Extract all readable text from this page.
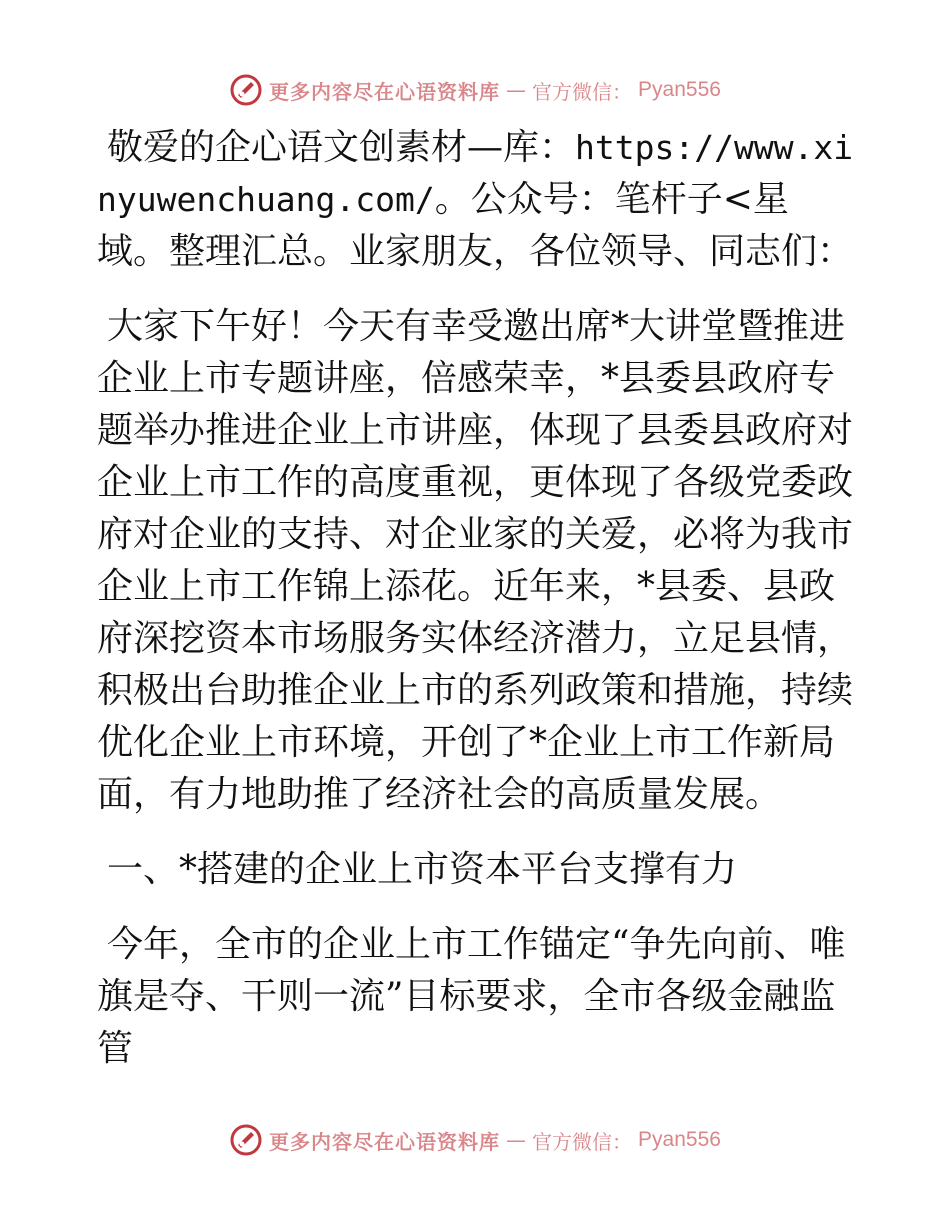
更多内容尽在心语资料库 — 官方微信： Pyan556

敬爱的企心语文创素材—库：https://www.xinyuwenchuang.com/。公众号：笔杆子<星域。整理汇总。业家朋友，各位领导、同志们：

大家下午好！今天有幸受邀出席*大讲堂暨推进企业上市专题讲座，倍感荣幸，*县委县政府专题举办推进企业上市讲座，体现了县委县政府对企业上市工作的高度重视，更体现了各级党委政府对企业的支持、对企业家的关爱，必将为我市企业上市工作锦上添花。近年来，*县委、县政府深挖资本市场服务实体经济潜力，立足县情，积极出台助推企业上市的系列政策和措施，持续优化企业上市环境，开创了*企业上市工作新局面，有力地助推了经济社会的高质量发展。

一、*搭建的企业上市资本平台支撑有力

今年，全市的企业上市工作锚定“争先向前、唯旗是夺、干则一流”目标要求，全市各级金融监管

更多内容尽在心语资料库 — 官方微信： Pyan556
